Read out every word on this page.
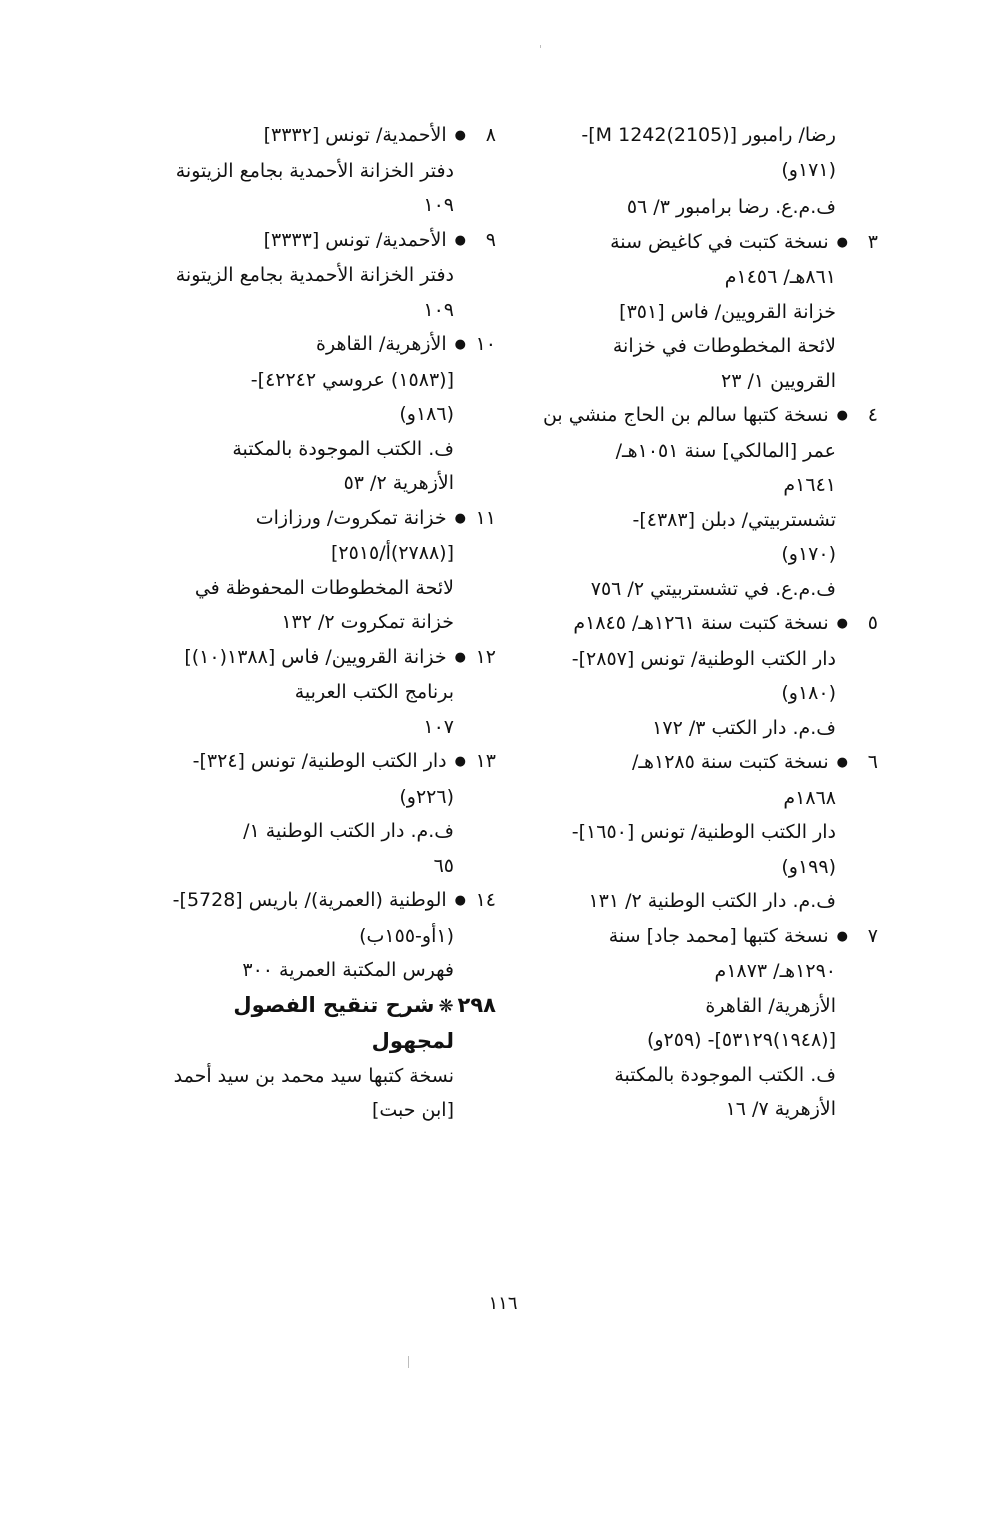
رضا/ رامبور [M 1242(2105)]-

(١٧١و)

ف.م.ع. رضا برامبور ٣/ ٥٦

٣●نسخة كتبت في كاغيض سنة

٨٦١هـ/ ١٤٥٦م

خزانة القرويين/ فاس [٣٥١]

لائحة المخطوطات في خزانة

القرويين ١/ ٢٣

٤●نسخة كتبها سالم بن الحاج منشي بن

عمر [المالكي] سنة ١٠٥١هـ/

١٦٤١م

تشستربيتي/ دبلن [٤٣٨٣]-

(١٧٠و)

ف.م.ع. في تشستربيتي ٢/ ٧٥٦

٥●نسخة كتبت سنة ١٢٦١هـ/ ١٨٤٥م

دار الكتب الوطنية/ تونس [٢٨٥٧]-

(١٨٠و)

ف.م. دار الكتب ٣/ ١٧٢

٦●نسخة كتبت سنة ١٢٨٥هـ/

١٨٦٨م

دار الكتب الوطنية/ تونس [١٦٥٠]-

(١٩٩و)

ف.م. دار الكتب الوطنية ٢/ ١٣١

٧●نسخة كتبها [محمد جاد] سنة

١٢٩٠هـ/ ١٨٧٣م

الأزهرية/ القاهرة

[(١٩٤٨)٥٣١٢٩]- (٢٥٩و)

ف. الكتب الموجودة بالمكتبة

الأزهرية ٧/ ١٦

٨●الأحمدية/ تونس [٣٣٣٢]

دفتر الخزانة الأحمدية بجامع الزيتونة

١٠٩

٩●الأحمدية/ تونس [٣٣٣٣]

دفتر الخزانة الأحمدية بجامع الزيتونة

١٠٩

١٠●الأزهرية/ القاهرة

[(١٥٨٣) عروسي ٤٢٢٤٢]-

(١٨٦و)

ف. الكتب الموجودة بالمكتبة

الأزهرية ٢/ ٥٣

١١●خزانة تمكروت/ ورزازات

[(٢٧٨٨)أ/٢٥١٥]

لائحة المخطوطات المحفوظة في

خزانة تمكروت ٢/ ١٣٢

١٢●خزانة القرويين/ فاس [١٣٨٨(١٠)]

برنامج الكتب العربية

١٠٧

١٣●دار الكتب الوطنية/ تونس [٣٢٤]-

(٢٢٦و)

ف.م. دار الكتب الوطنية ١/

٦٥

١٤●الوطنية (العمرية)/ باريس [5728]-

(١أو-١٥٥ب)

فهرس المكتبة العمرية ٣٠٠

٢٩٨❋شرح تنقيح الفصول

لمجهول

نسخة كتبها سيد محمد بن سيد أحمد

[ابن حبت]

١١٦
